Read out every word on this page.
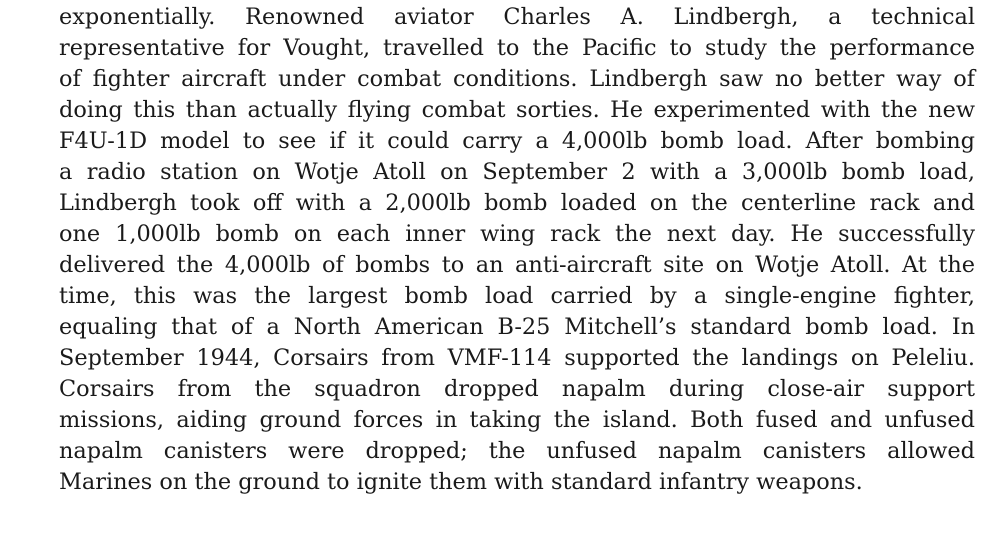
exponentially. Renowned aviator Charles A. Lindbergh, a technical
representative for Vought, travelled to the Pacific to study the performance
of fighter aircraft under combat conditions. Lindbergh saw no better way of
doing this than actually flying combat sorties. He experimented with the new
F4U-1D model to see if it could carry a 4,000lb bomb load. After bombing
a radio station on Wotje Atoll on September 2 with a 3,000lb bomb load,
Lindbergh took off with a 2,000lb bomb loaded on the centerline rack and
one 1,000lb bomb on each inner wing rack the next day. He successfully
delivered the 4,000lb of bombs to an anti-aircraft site on Wotje Atoll. At the
time, this was the largest bomb load carried by a single-engine fighter,
equaling that of a North American B-25 Mitchell’s standard bomb load. In
September 1944, Corsairs from VMF-114 supported the landings on Peleliu.
Corsairs from the squadron dropped napalm during close-air support
missions, aiding ground forces in taking the island. Both fused and unfused
napalm canisters were dropped; the unfused napalm canisters allowed
Marines on the ground to ignite them with standard infantry weapons.
